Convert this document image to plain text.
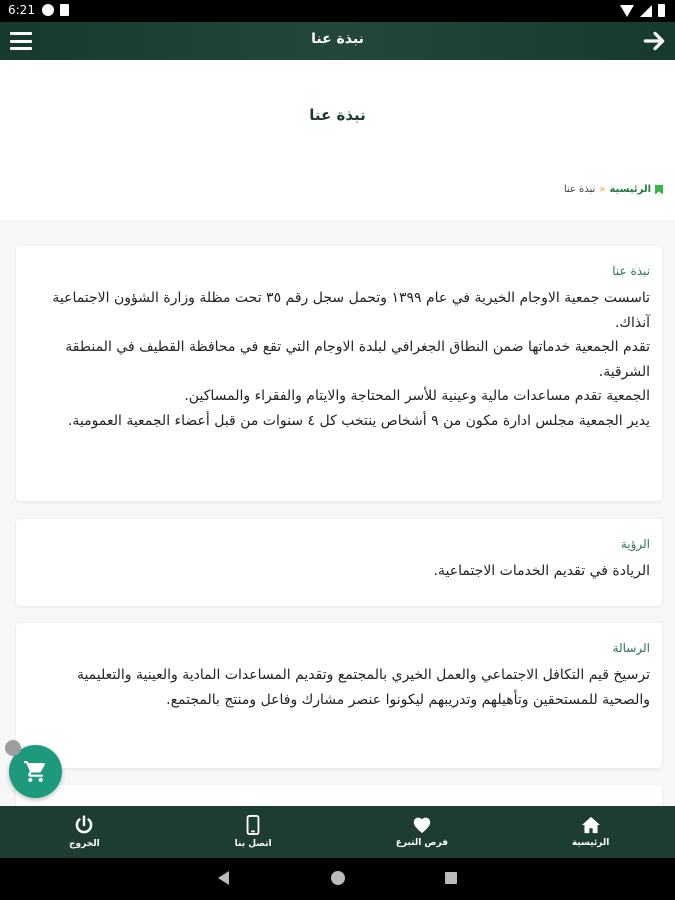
6:21
نبذة عنا
نبذة عنا
الرئيسية
»
نبذة عنا
نبذة عنا

تاسست جمعية الاوجام الخيرية في عام ١٣٩٩ وتحمل سجل رقم ٣٥ تحت مظلة وزارة الشؤون الاجتماعية آنذاك.

تقدم الجمعية خدماتها ضمن النطاق الجغرافي لبلدة الاوجام التي تقع في محافظة القطيف في المنطقة الشرقية.

الجمعية تقدم مساعدات مالية وعينية للأسر المحتاجة والايتام والفقراء والمساكين.

يدير الجمعية مجلس ادارة مكون من ٩ أشخاص ينتخب كل ٤ سنوات من قبل أعضاء الجمعية العمومية.

الرؤية

الريادة في تقديم الخدمات الاجتماعية.

الرسالة

ترسيخ قيم التكافل الاجتماعي والعمل الخيري بالمجتمع وتقديم المساعدات المادية والعينية والتعليمية والصحية للمستحقين وتأهيلهم وتدريبهم ليكونوا عنصر مشارك وفاعل ومنتج بالمجتمع.

الرئيسية
فرص التبرع
اتصل بنا
الخروج
